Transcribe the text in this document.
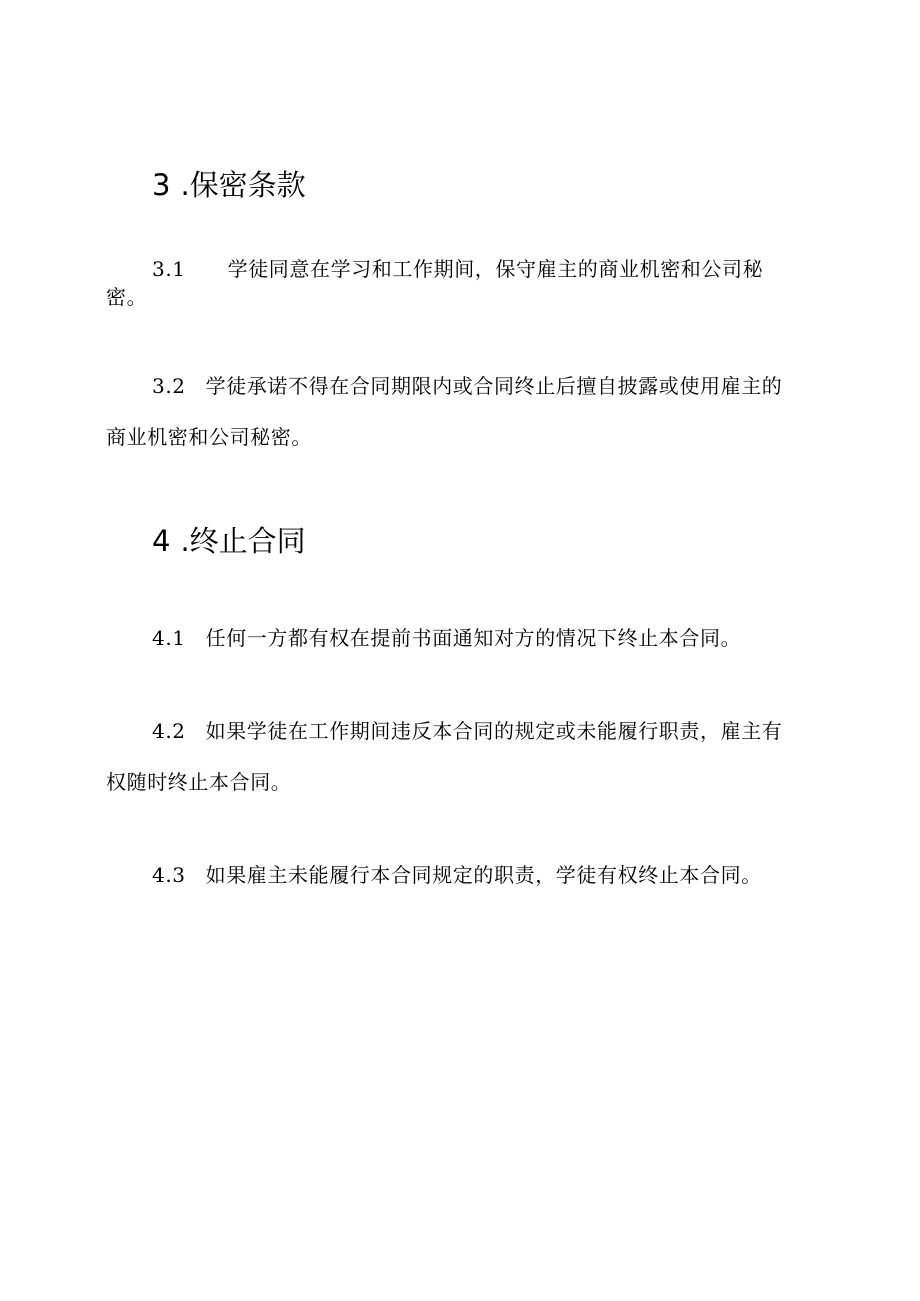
3 .保密条款
3.1 学徒同意在学习和工作期间，保守雇主的商业机密和公司秘
密。
3.2 学徒承诺不得在合同期限内或合同终止后擅自披露或使用雇主的
商业机密和公司秘密。
4 .终止合同
4.1 任何一方都有权在提前书面通知对方的情况下终止本合同。
4.2 如果学徒在工作期间违反本合同的规定或未能履行职责，雇主有
权随时终止本合同。
4.3 如果雇主未能履行本合同规定的职责，学徒有权终止本合同。
